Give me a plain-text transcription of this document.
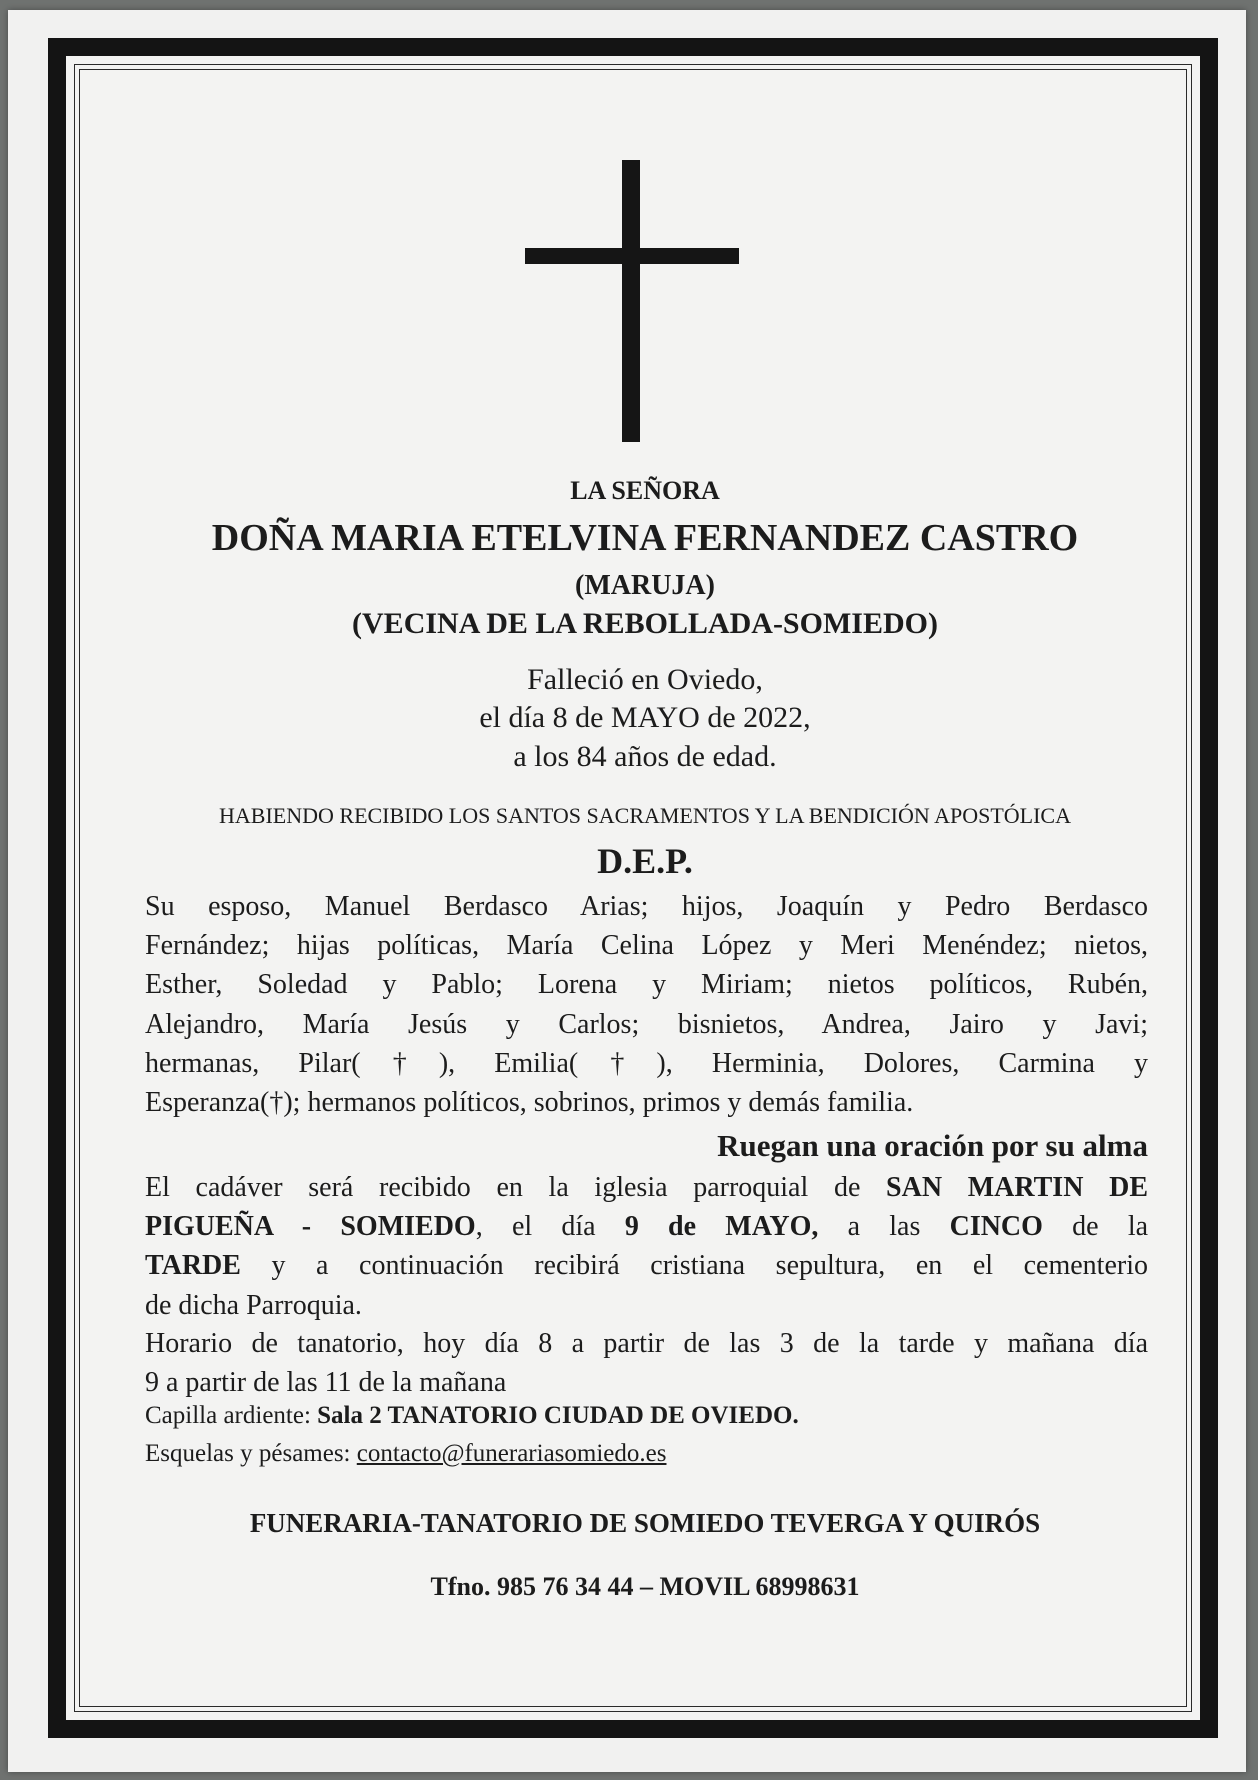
LA SEÑORA
DOÑA MARIA ETELVINA FERNANDEZ CASTRO
(MARUJA)
(VECINA DE LA REBOLLADA-SOMIEDO)
Falleció en Oviedo,
el día 8 de MAYO de 2022,
a los 84 años de edad.
HABIENDO RECIBIDO LOS SANTOS SACRAMENTOS Y LA BENDICIÓN APOSTÓLICA
D.E.P.
Su esposo, Manuel Berdasco Arias; hijos, Joaquín y Pedro Berdasco
Fernández; hijas políticas, María Celina López y Meri Menéndez; nietos,
Esther, Soledad y Pablo; Lorena y Miriam; nietos políticos, Rubén,
Alejandro, María Jesús y Carlos; bisnietos, Andrea, Jairo y Javi;
hermanas, Pilar(†), Emilia(†), Herminia, Dolores, Carmina y
Esperanza(†); hermanos políticos, sobrinos, primos y demás familia.
Ruegan una oración por su alma
El cadáver será recibido en la iglesia parroquial de SAN MARTIN DE
PIGUEÑA - SOMIEDO, el día 9 de MAYO, a las CINCO de la
TARDE y a continuación recibirá cristiana sepultura, en el cementerio
de dicha Parroquia.
Horario de tanatorio, hoy día 8 a partir de las 3 de la tarde y mañana día
9 a partir de las 11 de la mañana
Capilla ardiente: Sala 2 TANATORIO CIUDAD DE OVIEDO.
Esquelas y pésames: contacto@funerariasomiedo.es
FUNERARIA-TANATORIO DE SOMIEDO TEVERGA Y QUIRÓS
Tfno. 985 76 34 44 – MOVIL 68998631
